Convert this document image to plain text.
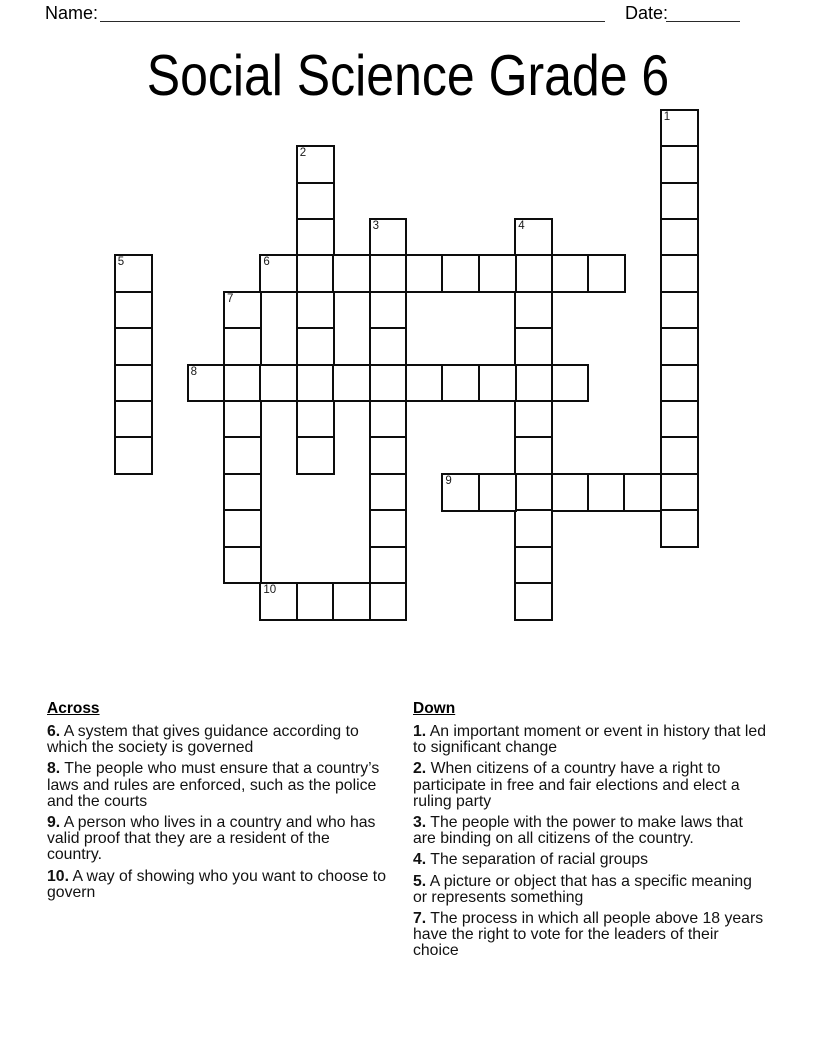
Name:	Date:
Social Science Grade 6
1
2
3	4
5	6
7
8
9
10
Across

6. A system that gives guidance according to which the society is governed

8. The people who must ensure that a country’s laws and rules are enforced, such as the police and the courts

9. A person who lives in a country and who has valid proof that they are a resident of the country.

10. A way of showing who you want to choose to govern

Down

1. An important moment or event in history that led to significant change

2. When citizens of a country have a right to participate in free and fair elections and elect a ruling party

3. The people with the power to make laws that are binding on all citizens of the country.

4. The separation of racial groups

5. A picture or object that has a specific meaning or represents something

7. The process in which all people above 18 years have the right to vote for the leaders of their choice
